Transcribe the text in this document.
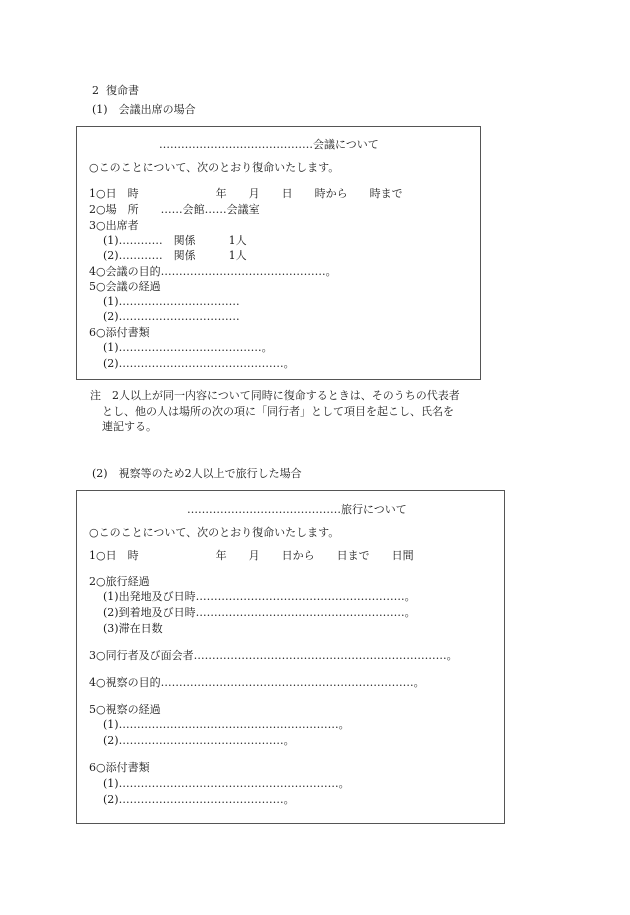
2 復命書
(1)　会議出席の場合
……………………………………会議について
○このことについて、次のとおり復命いたします。
1○日　時　　　　　　　年　　月　　日　　時から　　時まで
2○場　所　　……会館……会議室
3○出席者
(1)…………　関係　　　1人
(2)…………　関係　　　1人
4○会議の目的………………………………………。
5○会議の経過
(1)……………………………
(2)……………………………
6○添付書類
(1)…………………………………。
(2)………………………………………。
注　2人以上が同一内容について同時に復命するときは、そのうちの代表者
とし、他の人は場所の次の項に「同行者」として項目を起こし、氏名を
連記する。
(2)　視察等のため2人以上で旅行した場合
……………………………………旅行について
○このことについて、次のとおり復命いたします。
1○日　時　　　　　　　年　　月　　日から　　日まで　　日間
2○旅行経過
(1)出発地及び日時…………………………………………………。
(2)到着地及び日時…………………………………………………。
(3)滞在日数
3○同行者及び面会者……………………………………………………………。
4○視察の目的……………………………………………………………。
5○視察の経過
(1)……………………………………………………。
(2)………………………………………。
6○添付書類
(1)……………………………………………………。
(2)………………………………………。
